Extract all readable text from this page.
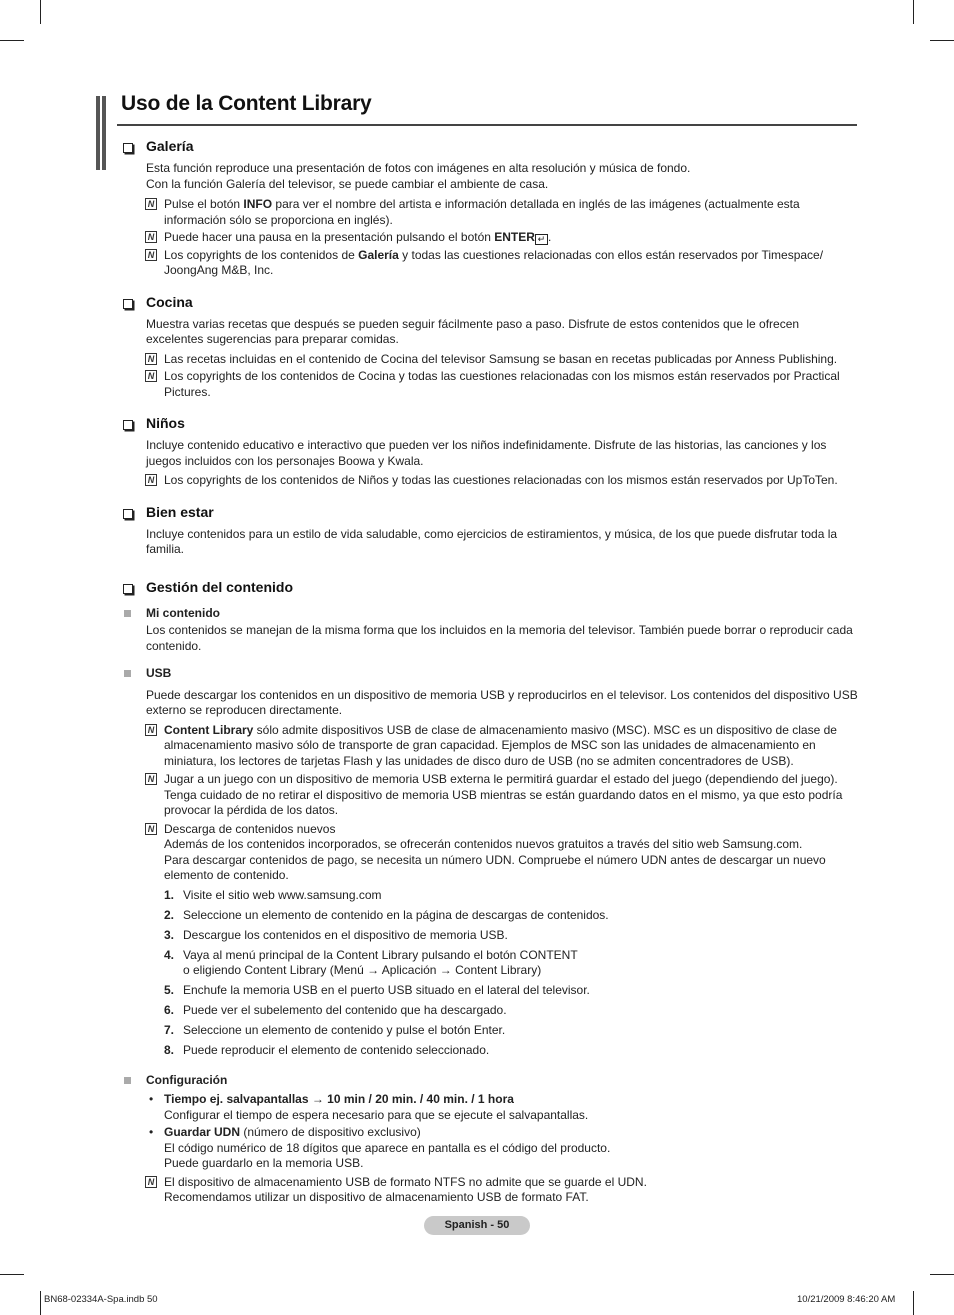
Uso de la Content Library
Galería

Esta función reproduce una presentación de fotos con imágenes en alta resolución y música de fondo.
Con la función Galería del televisor, se puede cambiar el ambiente de casa.

N Pulse el botón INFO para ver el nombre del artista e información detallada en inglés de las imágenes (actualmente esta información sólo se proporciona en inglés).

N Puede hacer una pausa en la presentación pulsando el botón ENTER ↵ .

N Los copyrights de los contenidos de Galería y todas las cuestiones relacionadas con ellos están reservados por Timespace/ JoongAng M&B, Inc.

Cocina

Muestra varias recetas que después se pueden seguir fácilmente paso a paso. Disfrute de estos contenidos que le ofrecen excelentes sugerencias para preparar comidas.

N Las recetas incluidas en el contenido de Cocina del televisor Samsung se basan en recetas publicadas por Anness Publishing.

N Los copyrights de los contenidos de Cocina y todas las cuestiones relacionadas con los mismos están reservados por Practical Pictures.

Niños

Incluye contenido educativo e interactivo que pueden ver los niños indefinidamente. Disfrute de las historias, las canciones y los juegos incluidos con los personajes Boowa y Kwala.

N Los copyrights de los contenidos de Niños y todas las cuestiones relacionadas con los mismos están reservados por UpToTen.

Bien estar

Incluye contenidos para un estilo de vida saludable, como ejercicios de estiramientos, y música, de los que puede disfrutar toda la familia.

Gestión del contenido
Mi contenido

Los contenidos se manejan de la misma forma que los incluidos en la memoria del televisor. También puede borrar o reproducir cada contenido.

USB

Puede descargar los contenidos en un dispositivo de memoria USB y reproducirlos en el televisor. Los contenidos del dispositivo USB externo se reproducen directamente.

N Content Library sólo admite dispositivos USB de clase de almacenamiento masivo (MSC). MSC es un dispositivo de clase de almacenamiento masivo sólo de transporte de gran capacidad. Ejemplos de MSC son las unidades de almacenamiento en miniatura, los lectores de tarjetas Flash y las unidades de disco duro de USB (no se admiten concentradores de USB).

N Jugar a un juego con un dispositivo de memoria USB externa le permitirá guardar el estado del juego (dependiendo del juego). Tenga cuidado de no retirar el dispositivo de memoria USB mientras se están guardando datos en el mismo, ya que esto podría provocar la pérdida de los datos.

N Descarga de contenidos nuevos
Además de los contenidos incorporados, se ofrecerán contenidos nuevos gratuitos a través del sitio web Samsung.com.
Para descargar contenidos de pago, se necesita un número UDN. Compruebe el número UDN antes de descargar un nuevo elemento de contenido.

1. Visite el sitio web www.samsung.com
2. Seleccione un elemento de contenido en la página de descargas de contenidos.
3. Descargue los contenidos en el dispositivo de memoria USB.
4. Vaya al menú principal de la Content Library pulsando el botón CONTENT
o eligiendo Content Library (Menú → Aplicación → Content Library)
5. Enchufe la memoria USB en el puerto USB situado en el lateral del televisor.
6. Puede ver el subelemento del contenido que ha descargado.
7. Seleccione un elemento de contenido y pulse el botón Enter.
8. Puede reproducir el elemento de contenido seleccionado.
Configuración

• Tiempo ej. salvapantallas → 10 min / 20 min. / 40 min. / 1 hora
Configurar el tiempo de espera necesario para que se ejecute el salvapantallas.

• Guardar UDN (número de dispositivo exclusivo)
El código numérico de 18 dígitos que aparece en pantalla es el código del producto.
Puede guardarlo en la memoria USB.

N El dispositivo de almacenamiento USB de formato NTFS no admite que se guarde el UDN.
Recomendamos utilizar un dispositivo de almacenamiento USB de formato FAT.

Spanish - 50
BN68-02334A-Spa.indb 50	10/21/2009 8:46:20 AM
